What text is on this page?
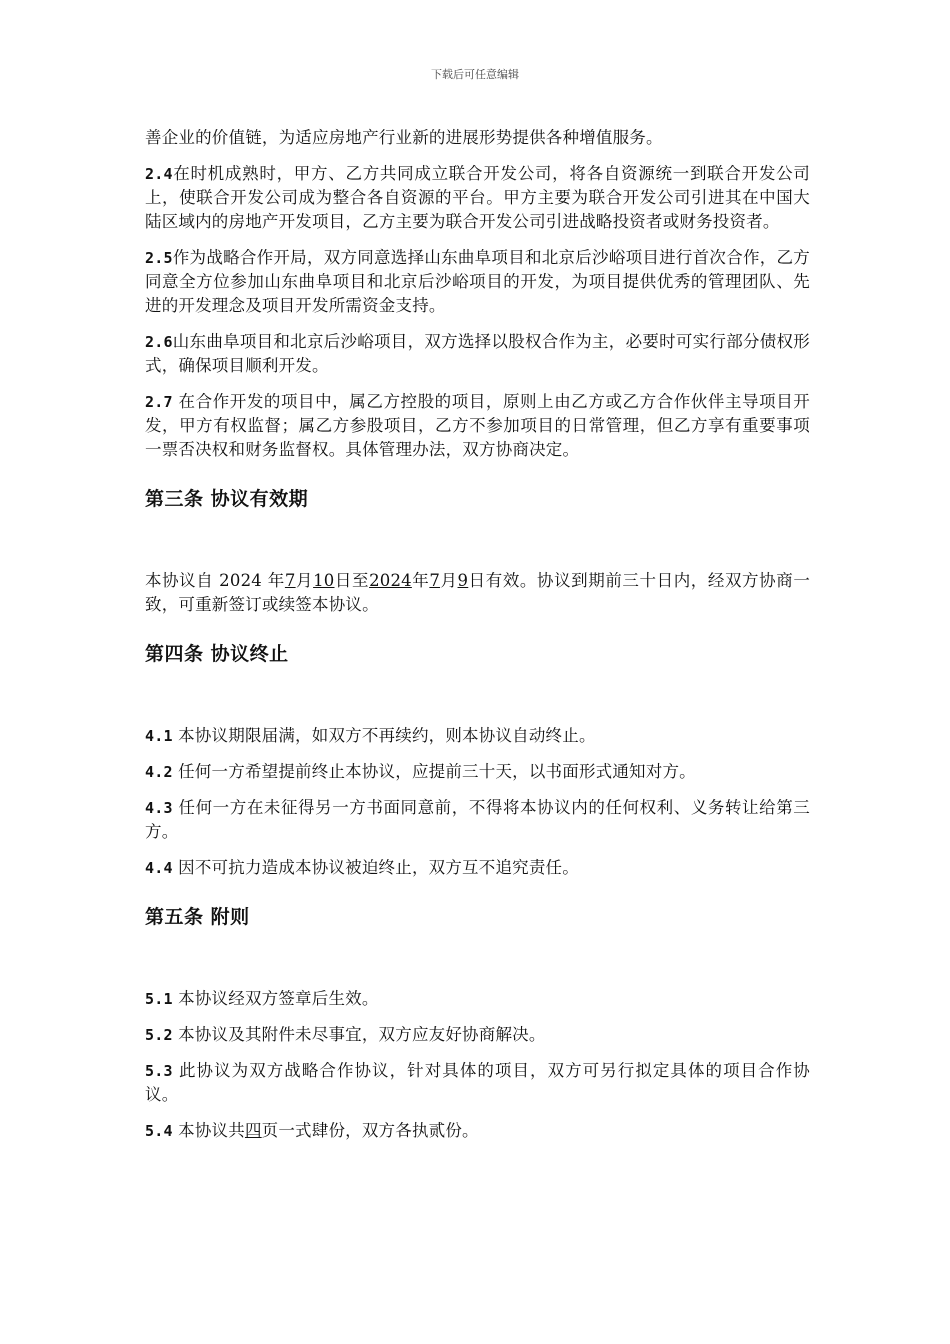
下载后可任意编辑

善企业的价值链，为适应房地产行业新的进展形势提供各种增值服务。

2.4在时机成熟时，甲方、乙方共同成立联合开发公司，将各自资源统一到联合开发公司上，使联合开发公司成为整合各自资源的平台。甲方主要为联合开发公司引进其在中国大陆区域内的房地产开发项目，乙方主要为联合开发公司引进战略投资者或财务投资者。

2.5作为战略合作开局，双方同意选择山东曲阜项目和北京后沙峪项目进行首次合作，乙方同意全方位参加山东曲阜项目和北京后沙峪项目的开发，为项目提供优秀的管理团队、先进的开发理念及项目开发所需资金支持。

2.6山东曲阜项目和北京后沙峪项目，双方选择以股权合作为主，必要时可实行部分债权形式，确保项目顺利开发。

2.7 在合作开发的项目中，属乙方控股的项目，原则上由乙方或乙方合作伙伴主导项目开发，甲方有权监督；属乙方参股项目，乙方不参加项目的日常管理，但乙方享有重要事项一票否决权和财务监督权。具体管理办法，双方协商决定。

第三条 协议有效期

本协议自 2024 年7月10日至2024年7月9日有效。协议到期前三十日内，经双方协商一致，可重新签订或续签本协议。

第四条 协议终止

4.1 本协议期限届满，如双方不再续约，则本协议自动终止。

4.2 任何一方希望提前终止本协议，应提前三十天，以书面形式通知对方。

4.3 任何一方在未征得另一方书面同意前，不得将本协议内的任何权利、义务转让给第三方。

4.4 因不可抗力造成本协议被迫终止，双方互不追究责任。

第五条 附则

5.1 本协议经双方签章后生效。

5.2 本协议及其附件未尽事宜，双方应友好协商解决。

5.3 此协议为双方战略合作协议，针对具体的项目，双方可另行拟定具体的项目合作协议。

5.4 本协议共四页一式肆份，双方各执贰份。
